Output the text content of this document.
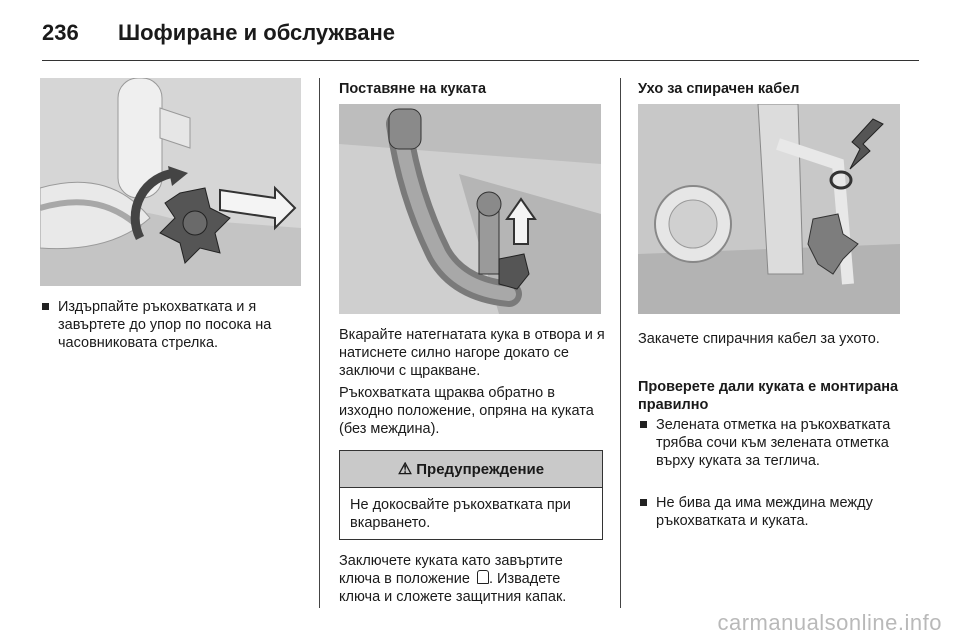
236 Шофиране и обслужване
Издърпайте ръкохватката и я завъртете до упор по посока на часовниковата стрелка.
Поставяне на куката
Вкарайте натегнатата кука в отвора и я натиснете силно нагоре докато се заключи с щракване.
Ръкохватката щраква обратно в изходно положение, опряна на куката (без междина).
⚠ Предупреждение
Не докосвайте ръкохватката при вкарването.
Заключете куката като завъртите ключа в положение . Извадете ключа и сложете защитния капак.
Ухо за спирачен кабел
Закачете спирачния кабел за ухото.
Проверете дали куката е монтирана правилно
Зелената отметка на ръкохватката трябва сочи към зелената отметка върху куката за теглича.
Не бива да има междина между ръкохватката и куката.
carmanualsonline.info
